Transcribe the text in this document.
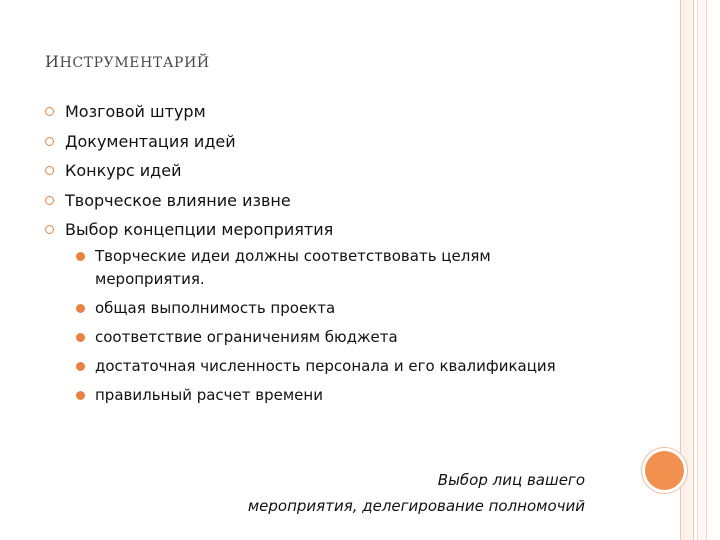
ИНСТРУМЕНТАРИЙ
Мозговой штурм
Документация идей
Конкурс идей
Творческое влияние извне
Выбор концепции мероприятия
Творческие идеи должны соответствовать целям мероприятия.
общая выполнимость проекта
соответствие ограничениям бюджета
достаточная численность персонала и его квалификация
правильный расчет времени
Выбор лиц вашего
мероприятия, делегирование полномочий
